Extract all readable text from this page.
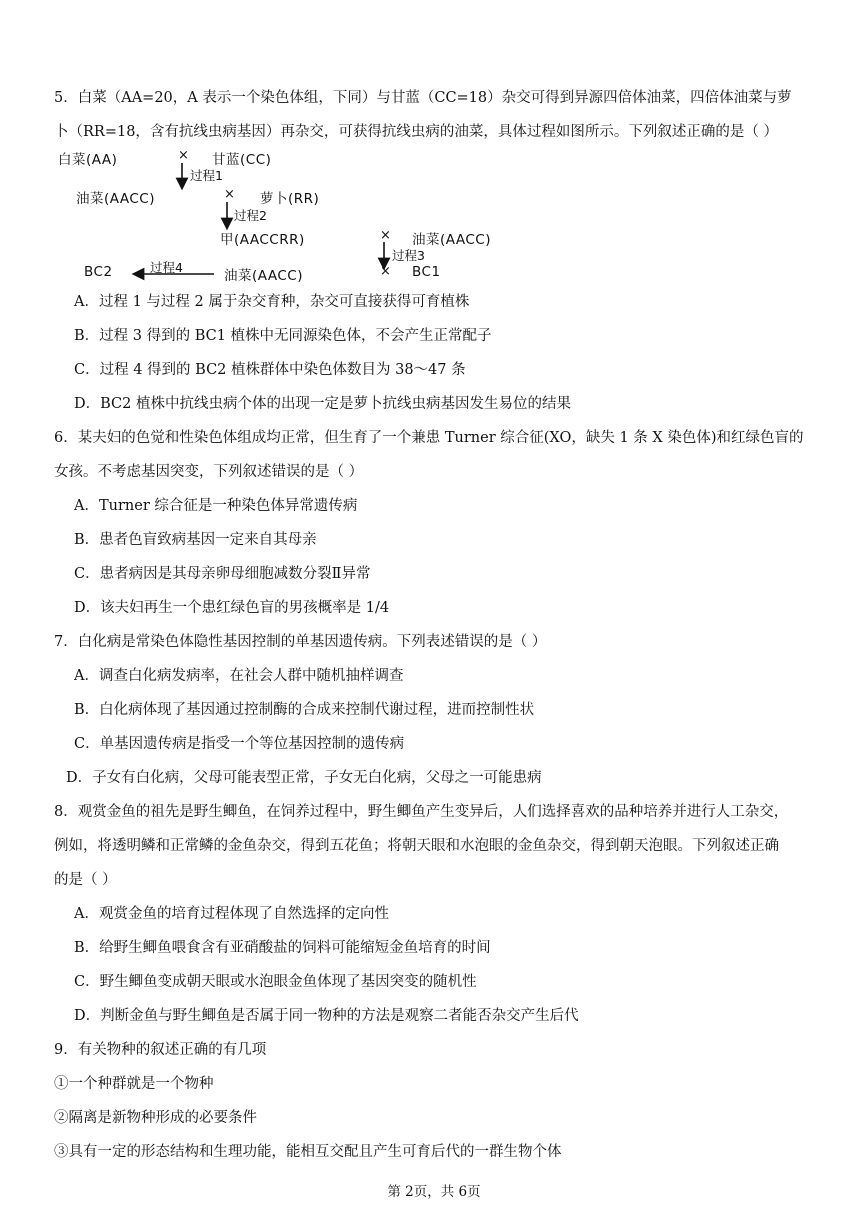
5．白菜（AA=20，A 表示一个染色体组，下同）与甘蓝（CC=18）杂交可得到异源四倍体油菜，四倍体油菜与萝
卜（RR=18，含有抗线虫病基因）再杂交，可获得抗线虫病的油菜，具体过程如图所示。下列叙述正确的是（ ）
白菜(AA)	× 甘蓝(CC)
过程1
油菜(AACC)	× 萝卜(RR)
过程2
甲(AACCRR)	× 油菜(AACC)
过程3
BC2	过程4
油菜(AACC)	× BC1
A．过程 1 与过程 2 属于杂交育种，杂交可直接获得可育植株
B．过程 3 得到的 BC1 植株中无同源染色体，不会产生正常配子
C．过程 4 得到的 BC2 植株群体中染色体数目为 38～47 条
D．BC2 植株中抗线虫病个体的出现一定是萝卜抗线虫病基因发生易位的结果
6．某夫妇的色觉和性染色体组成均正常，但生育了一个兼患 Turner 综合征(XO，缺失 1 条 X 染色体)和红绿色盲的
女孩。不考虑基因突变，下列叙述错误的是（ ）
A．Turner 综合征是一种染色体异常遗传病
B．患者色盲致病基因一定来自其母亲
C．患者病因是其母亲卵母细胞减数分裂Ⅱ异常
D．该夫妇再生一个患红绿色盲的男孩概率是 1/4
7．白化病是常染色体隐性基因控制的单基因遗传病。下列表述错误的是（ ）
A．调查白化病发病率，在社会人群中随机抽样调查
B．白化病体现了基因通过控制酶的合成来控制代谢过程，进而控制性状
C．单基因遗传病是指受一个等位基因控制的遗传病
D．子女有白化病，父母可能表型正常，子女无白化病，父母之一可能患病
8．观赏金鱼的祖先是野生鲫鱼，在饲养过程中，野生鲫鱼产生变异后，人们选择喜欢的品种培养并进行人工杂交，
例如，将透明鳞和正常鳞的金鱼杂交，得到五花鱼；将朝天眼和水泡眼的金鱼杂交，得到朝天泡眼。下列叙述正确
的是（ ）
A．观赏金鱼的培育过程体现了自然选择的定向性
B．给野生鲫鱼喂食含有亚硝酸盐的饲料可能缩短金鱼培育的时间
C．野生鲫鱼变成朝天眼或水泡眼金鱼体现了基因突变的随机性
D．判断金鱼与野生鲫鱼是否属于同一物种的方法是观察二者能否杂交产生后代
9．有关物种的叙述正确的有几项
①一个种群就是一个物种
②隔离是新物种形成的必要条件
③具有一定的形态结构和生理功能，能相互交配且产生可育后代的一群生物个体
第 2页，共 6页
